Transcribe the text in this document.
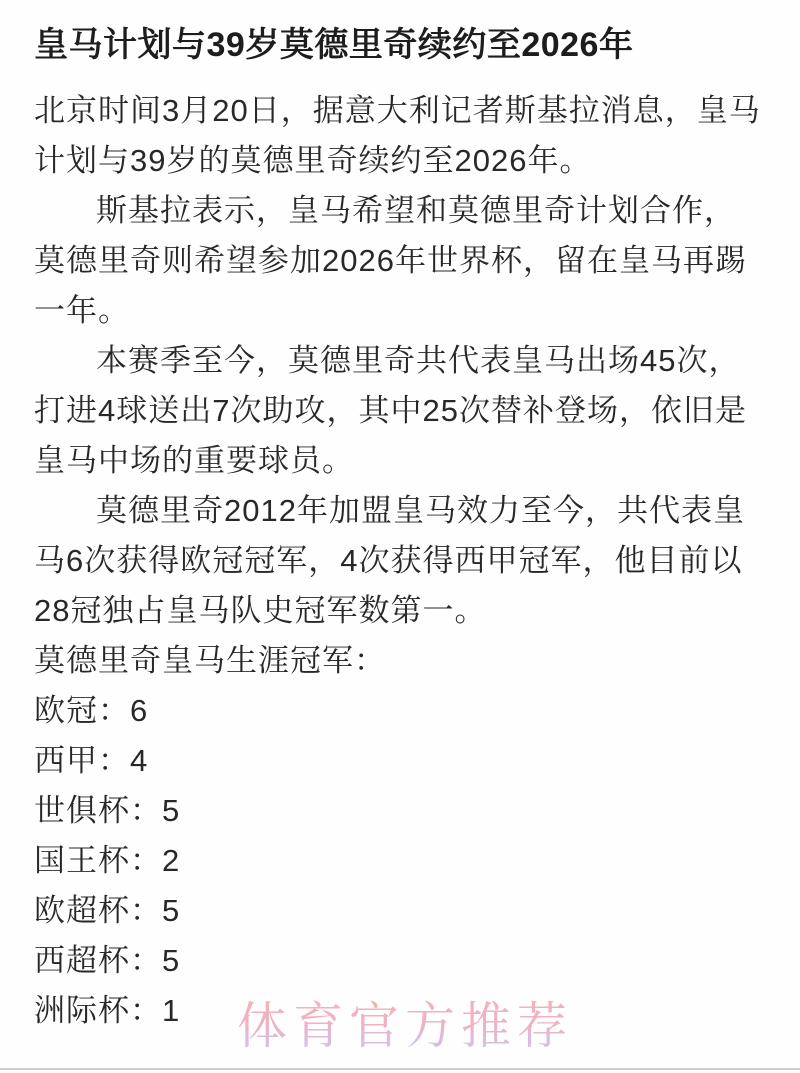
皇马计划与39岁莫德里奇续约至2026年

北京时间3月20日，据意大利记者斯基拉消息，皇马计划与39岁的莫德里奇续约至2026年。

斯基拉表示，皇马希望和莫德里奇计划合作，莫德里奇则希望参加2026年世界杯，留在皇马再踢一年。

本赛季至今，莫德里奇共代表皇马出场45次，打进4球送出7次助攻，其中25次替补登场，依旧是皇马中场的重要球员。

莫德里奇2012年加盟皇马效力至今，共代表皇马6次获得欧冠冠军，4次获得西甲冠军，他目前以28冠独占皇马队史冠军数第一。

莫德里奇皇马生涯冠军：

欧冠：6

西甲：4

世俱杯：5

国王杯：2

欧超杯：5

西超杯：5

洲际杯：1	体育官方推荐
